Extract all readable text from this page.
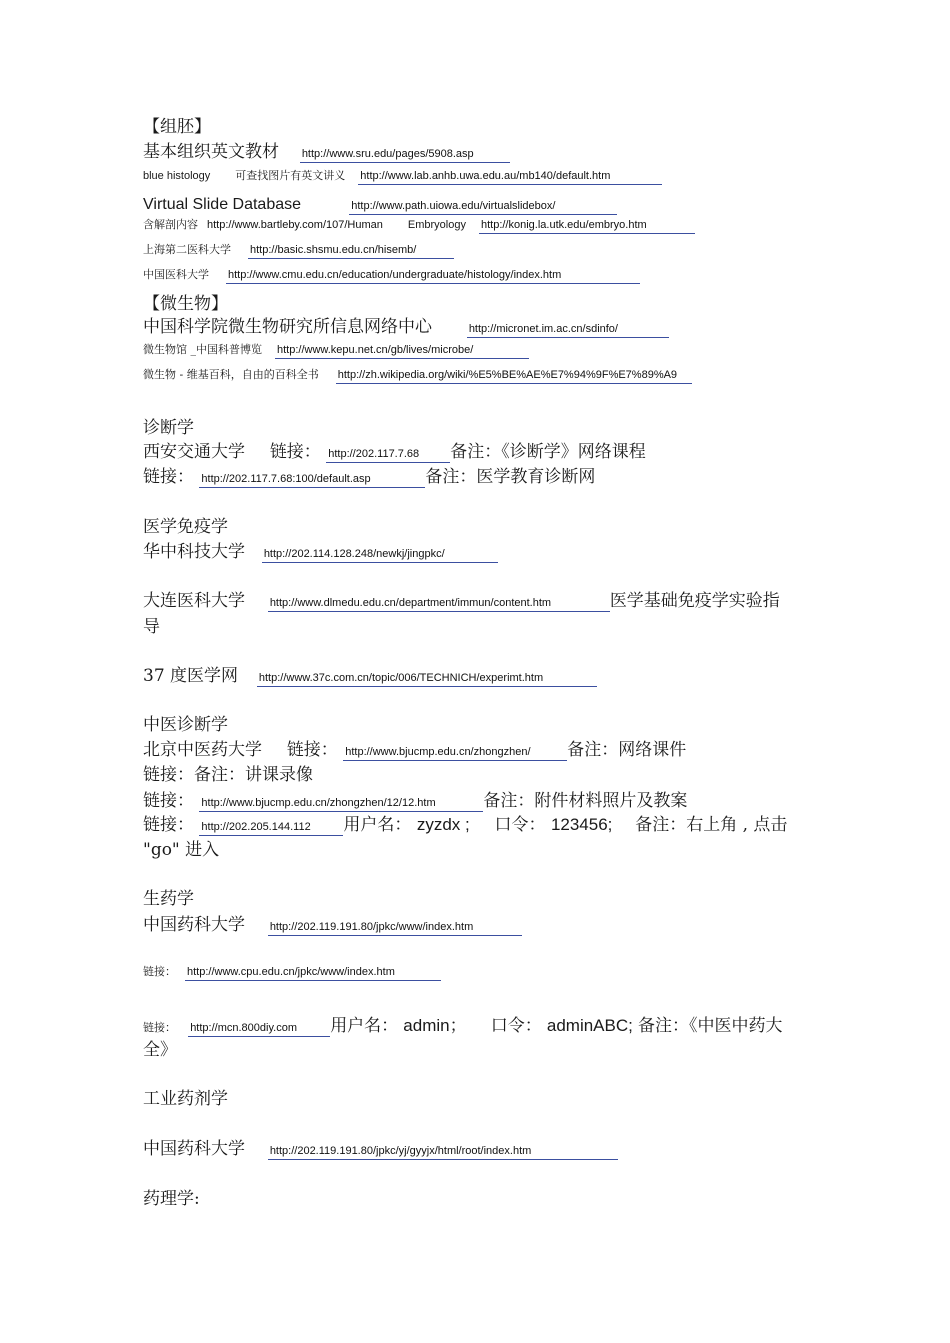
【组胚】
基本组织英文教材 http://www.sru.edu/pages/5908.asp
blue histology 可查找图片有英文讲义 http://www.lab.anhb.uwa.edu.au/mb140/default.htm
Virtual Slide Database	http://www.path.uiowa.edu/virtualslidebox/
含解剖内容 http://www.bartleby.com/107/Human Embryology http://konig.la.utk.edu/embryo.htm
上海第二医科大学 http://basic.shsmu.edu.cn/hisemb/
中国医科大学 http://www.cmu.edu.cn/education/undergraduate/histology/index.htm
【微生物】
中国科学院微生物研究所信息网络中心	http://micronet.im.ac.cn/sdinfo/
微生物馆 _中国科普博览 http://www.kepu.net.cn/gb/lives/microbe/
微生物 - 维基百科，自由的百科全书 http://zh.wikipedia.org/wiki/%E5%BE%AE%E7%94%9F%E7%89%A9
诊断学
西安交通大学 链接： http://202.117.7.68 备注：《诊断学》网络课程
链接： http://202.117.7.68:100/default.asp	备注：医学教育诊断网
医学免疫学
华中科技大学 http://202.114.128.248/newkj/jingpkc/
大连医科大学 http://www.dlmedu.edu.cn/department/immun/content.htm	医学基础免疫学实验指
导
37 度医学网 http://www.37c.com.cn/topic/006/TECHNICH/experimt.htm
中医诊断学
北京中医药大学 链接： http://www.bjucmp.edu.cn/zhongzhen/ 备注：网络课件
链接：备注：讲课录像
链接： http://www.bjucmp.edu.cn/zhongzhen/12/12.htm	备注：附件材料照片及教案
链接： http://202.205.144.112 用户名： zyzdx ; 口令： 123456; 备注：右上角 , 点击
"go" 进入
生药学
中国药科大学 http://202.119.191.80/jpkc/www/index.htm
链接： http://www.cpu.edu.cn/jpkc/www/index.htm
链接： http://mcn.800diy.com 用户名： admin； 口令： adminABC; 备注：《中医中药大
全》
工业药剂学
中国药科大学 http://202.119.191.80/jpkc/yj/gyyjx/html/root/index.htm
药理学:
